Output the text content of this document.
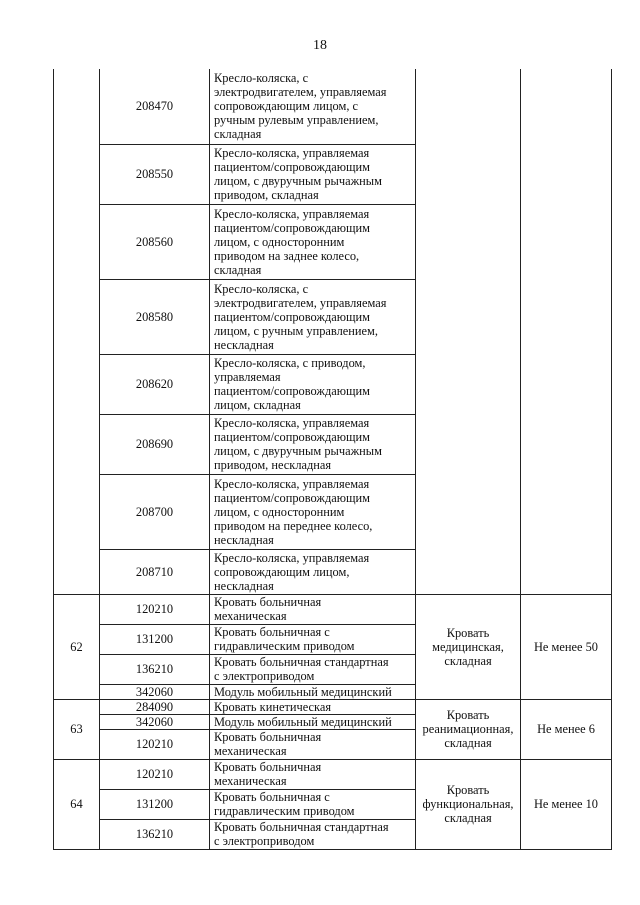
18
	208470	Кресло-коляска, с
электродвигателем, управляемая
сопровождающим лицом, с
ручным рулевым управлением,
складная		
	208550	Кресло-коляска, управляемая
пациентом/сопровождающим
лицом, с двуручным рычажным
приводом, складная		
	208560	Кресло-коляска, управляемая
пациентом/сопровождающим
лицом, с односторонним
приводом на заднее колесо,
складная		
	208580	Кресло-коляска, с
электродвигателем, управляемая
пациентом/сопровождающим
лицом, с ручным управлением,
нескладная		
	208620	Кресло-коляска, с приводом,
управляемая
пациентом/сопровождающим
лицом, складная		
	208690	Кресло-коляска, управляемая
пациентом/сопровождающим
лицом, с двуручным рычажным
приводом, нескладная		
	208700	Кресло-коляска, управляемая
пациентом/сопровождающим
лицом, с односторонним
приводом на переднее колесо,
нескладная		
	208710	Кресло-коляска, управляемая
сопровождающим лицом,
нескладная		
62	120210	Кровать больничная
механическая	Кровать
медицинская,
складная	Не менее 50
	131200	Кровать больничная с
гидравлическим приводом		
	136210	Кровать больничная стандартная
с электроприводом		
	342060	Модуль мобильный медицинский		
63	284090	Кровать кинетическая	Кровать
реанимационная,
складная	Не менее 6
	342060	Модуль мобильный медицинский		
	120210	Кровать больничная
механическая		
64	120210	Кровать больничная
механическая	Кровать
функциональная,
складная	Не менее 10
	131200	Кровать больничная с
гидравлическим приводом		
	136210	Кровать больничная стандартная
с электроприводом		
